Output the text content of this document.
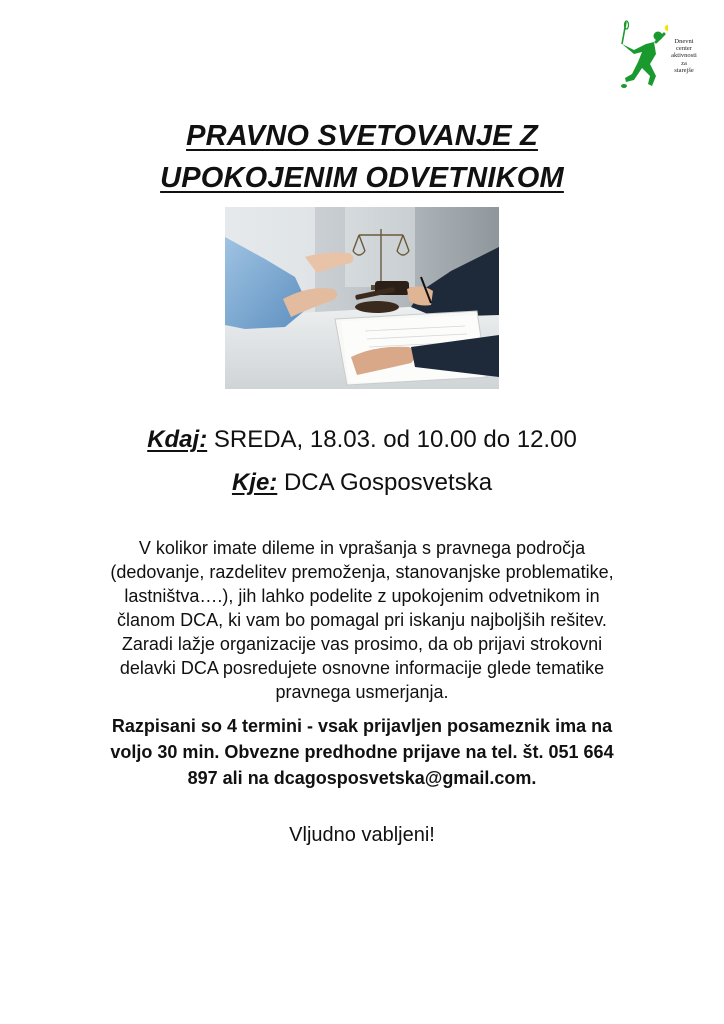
Dnevni
center
aktivnosti
za
starejše
PRAVNO SVETOVANJE Z
UPOKOJENIM ODVETNIKOM
Kdaj: SREDA, 18.03. od 10.00 do 12.00
Kje: DCA Gosposvetska
V kolikor imate dileme in vprašanja s pravnega področja
(dedovanje, razdelitev premoženja, stanovanjske problematike,
lastništva….), jih lahko podelite z upokojenim odvetnikom in
članom DCA, ki vam bo pomagal pri iskanju najboljših rešitev.
Zaradi lažje organizacije vas prosimo, da ob prijavi strokovni
delavki DCA posredujete osnovne informacije glede tematike
pravnega usmerjanja.
Razpisani so 4 termini - vsak prijavljen posameznik ima na
voljo 30 min. Obvezne predhodne prijave na tel. št. 051 664
897 ali na dcagosposvetska@gmail.com.
Vljudno vabljeni!
